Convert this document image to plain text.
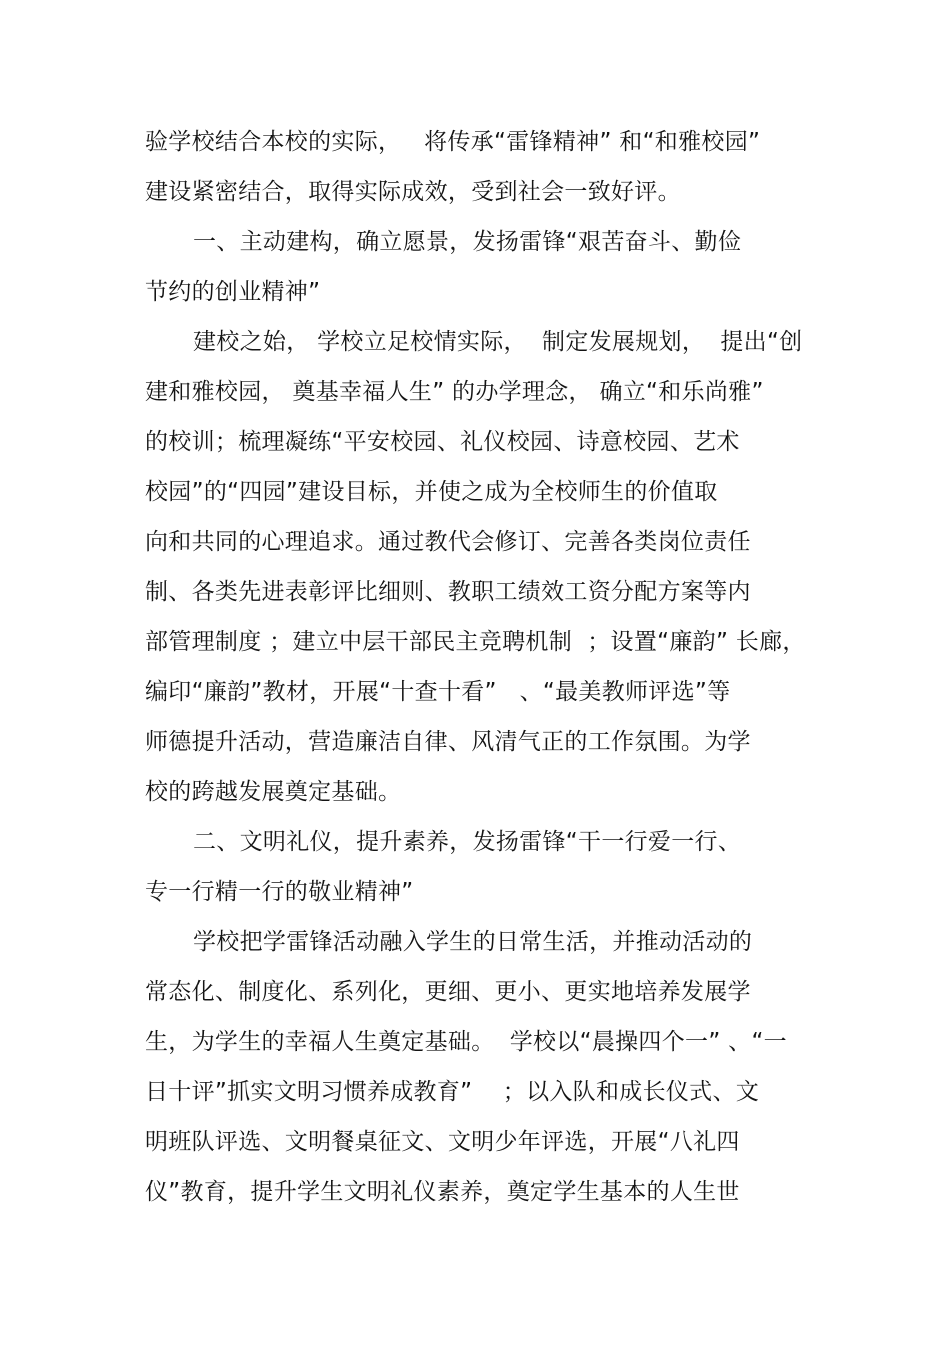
验学校结合本校的实际，   将传承“雷锋精神” 和“和雅校园”
建设紧密结合，取得实际成效，受到社会一致好评。
一、主动建构，确立愿景，发扬雷锋“艰苦奋斗、勤俭
节约的创业精神”
建校之始， 学校立足校情实际，  制定发展规划，  提出“创
建和雅校园， 奠基幸福人生” 的办学理念， 确立“和乐尚雅”
的校训；梳理凝练“平安校园、礼仪校园、诗意校园、艺术
校园”的“四园”建设目标，并使之成为全校师生的价值取
向和共同的心理追求。通过教代会修订、完善各类岗位责任
制、各类先进表彰评比细则、教职工绩效工资分配方案等内
部管理制度 ；建立中层干部民主竞聘机制  ；设置“廉韵” 长廊，
编印“廉韵”教材，开展“十查十看”   、“最美教师评选”等
师德提升活动，营造廉洁自律、风清气正的工作氛围。为学
校的跨越发展奠定基础。
二、文明礼仪，提升素养，发扬雷锋“干一行爱一行、
专一行精一行的敬业精神”
学校把学雷锋活动融入学生的日常生活，并推动活动的
常态化、制度化、系列化，更细、更小、更实地培养发展学
生，为学生的幸福人生奠定基础。  学校以“晨操四个一” 、“一
日十评”抓实文明习惯养成教育”    ；以入队和成长仪式、文
明班队评选、文明餐桌征文、文明少年评选，开展“八礼四
仪”教育，提升学生文明礼仪素养，奠定学生基本的人生世
